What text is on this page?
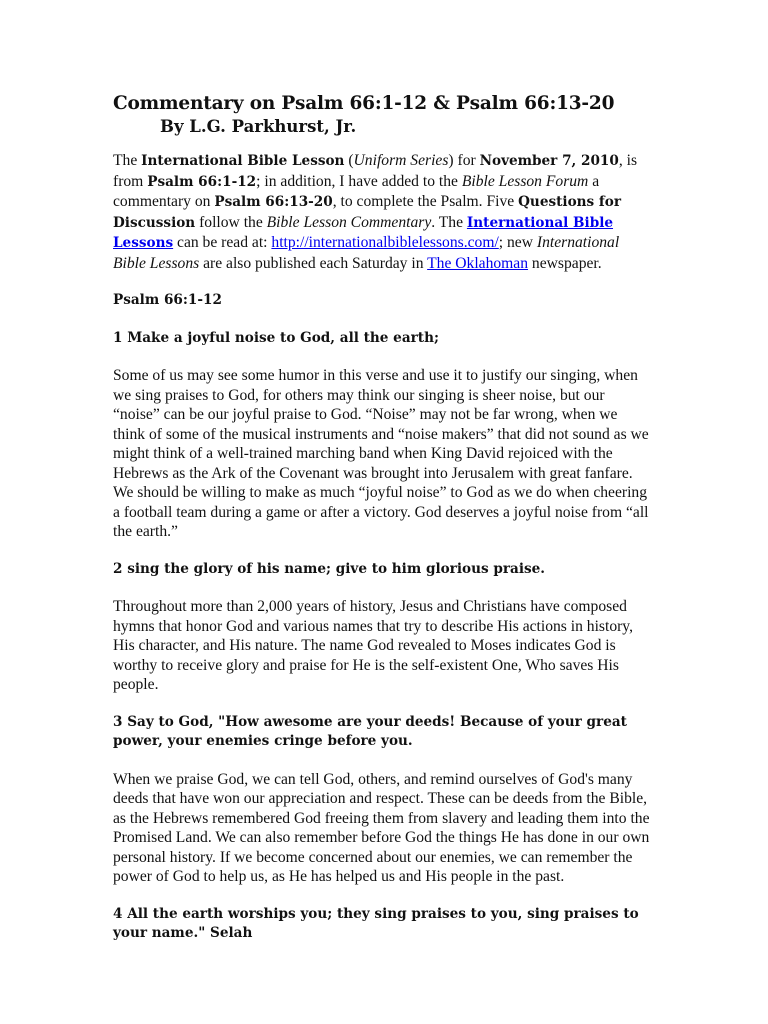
Commentary on Psalm 66:1-12 & Psalm 66:13-20
By L.G. Parkhurst, Jr.

The International Bible Lesson (Uniform Series) for November 7, 2010, is from Psalm 66:1-12; in addition, I have added to the Bible Lesson Forum a commentary on Psalm 66:13-20, to complete the Psalm. Five Questions for Discussion follow the Bible Lesson Commentary. The International Bible Lessons can be read at: http://internationalbiblelessons.com/; new International Bible Lessons are also published each Saturday in The Oklahoman newspaper.

Psalm 66:1-12

1 Make a joyful noise to God, all the earth;

Some of us may see some humor in this verse and use it to justify our singing, when we sing praises to God, for others may think our singing is sheer noise, but our “noise” can be our joyful praise to God. “Noise” may not be far wrong, when we think of some of the musical instruments and “noise makers” that did not sound as we might think of a well-trained marching band when King David rejoiced with the Hebrews as the Ark of the Covenant was brought into Jerusalem with great fanfare. We should be willing to make as much “joyful noise” to God as we do when cheering a football team during a game or after a victory. God deserves a joyful noise from “all the earth.”

2 sing the glory of his name; give to him glorious praise.

Throughout more than 2,000 years of history, Jesus and Christians have composed hymns that honor God and various names that try to describe His actions in history, His character, and His nature. The name God revealed to Moses indicates God is worthy to receive glory and praise for He is the self-existent One, Who saves His people.

3 Say to God, "How awesome are your deeds! Because of your great power, your enemies cringe before you.

When we praise God, we can tell God, others, and remind ourselves of God's many deeds that have won our appreciation and respect. These can be deeds from the Bible, as the Hebrews remembered God freeing them from slavery and leading them into the Promised Land. We can also remember before God the things He has done in our own personal history. If we become concerned about our enemies, we can remember the power of God to help us, as He has helped us and His people in the past.

4 All the earth worships you; they sing praises to you, sing praises to your name." Selah
